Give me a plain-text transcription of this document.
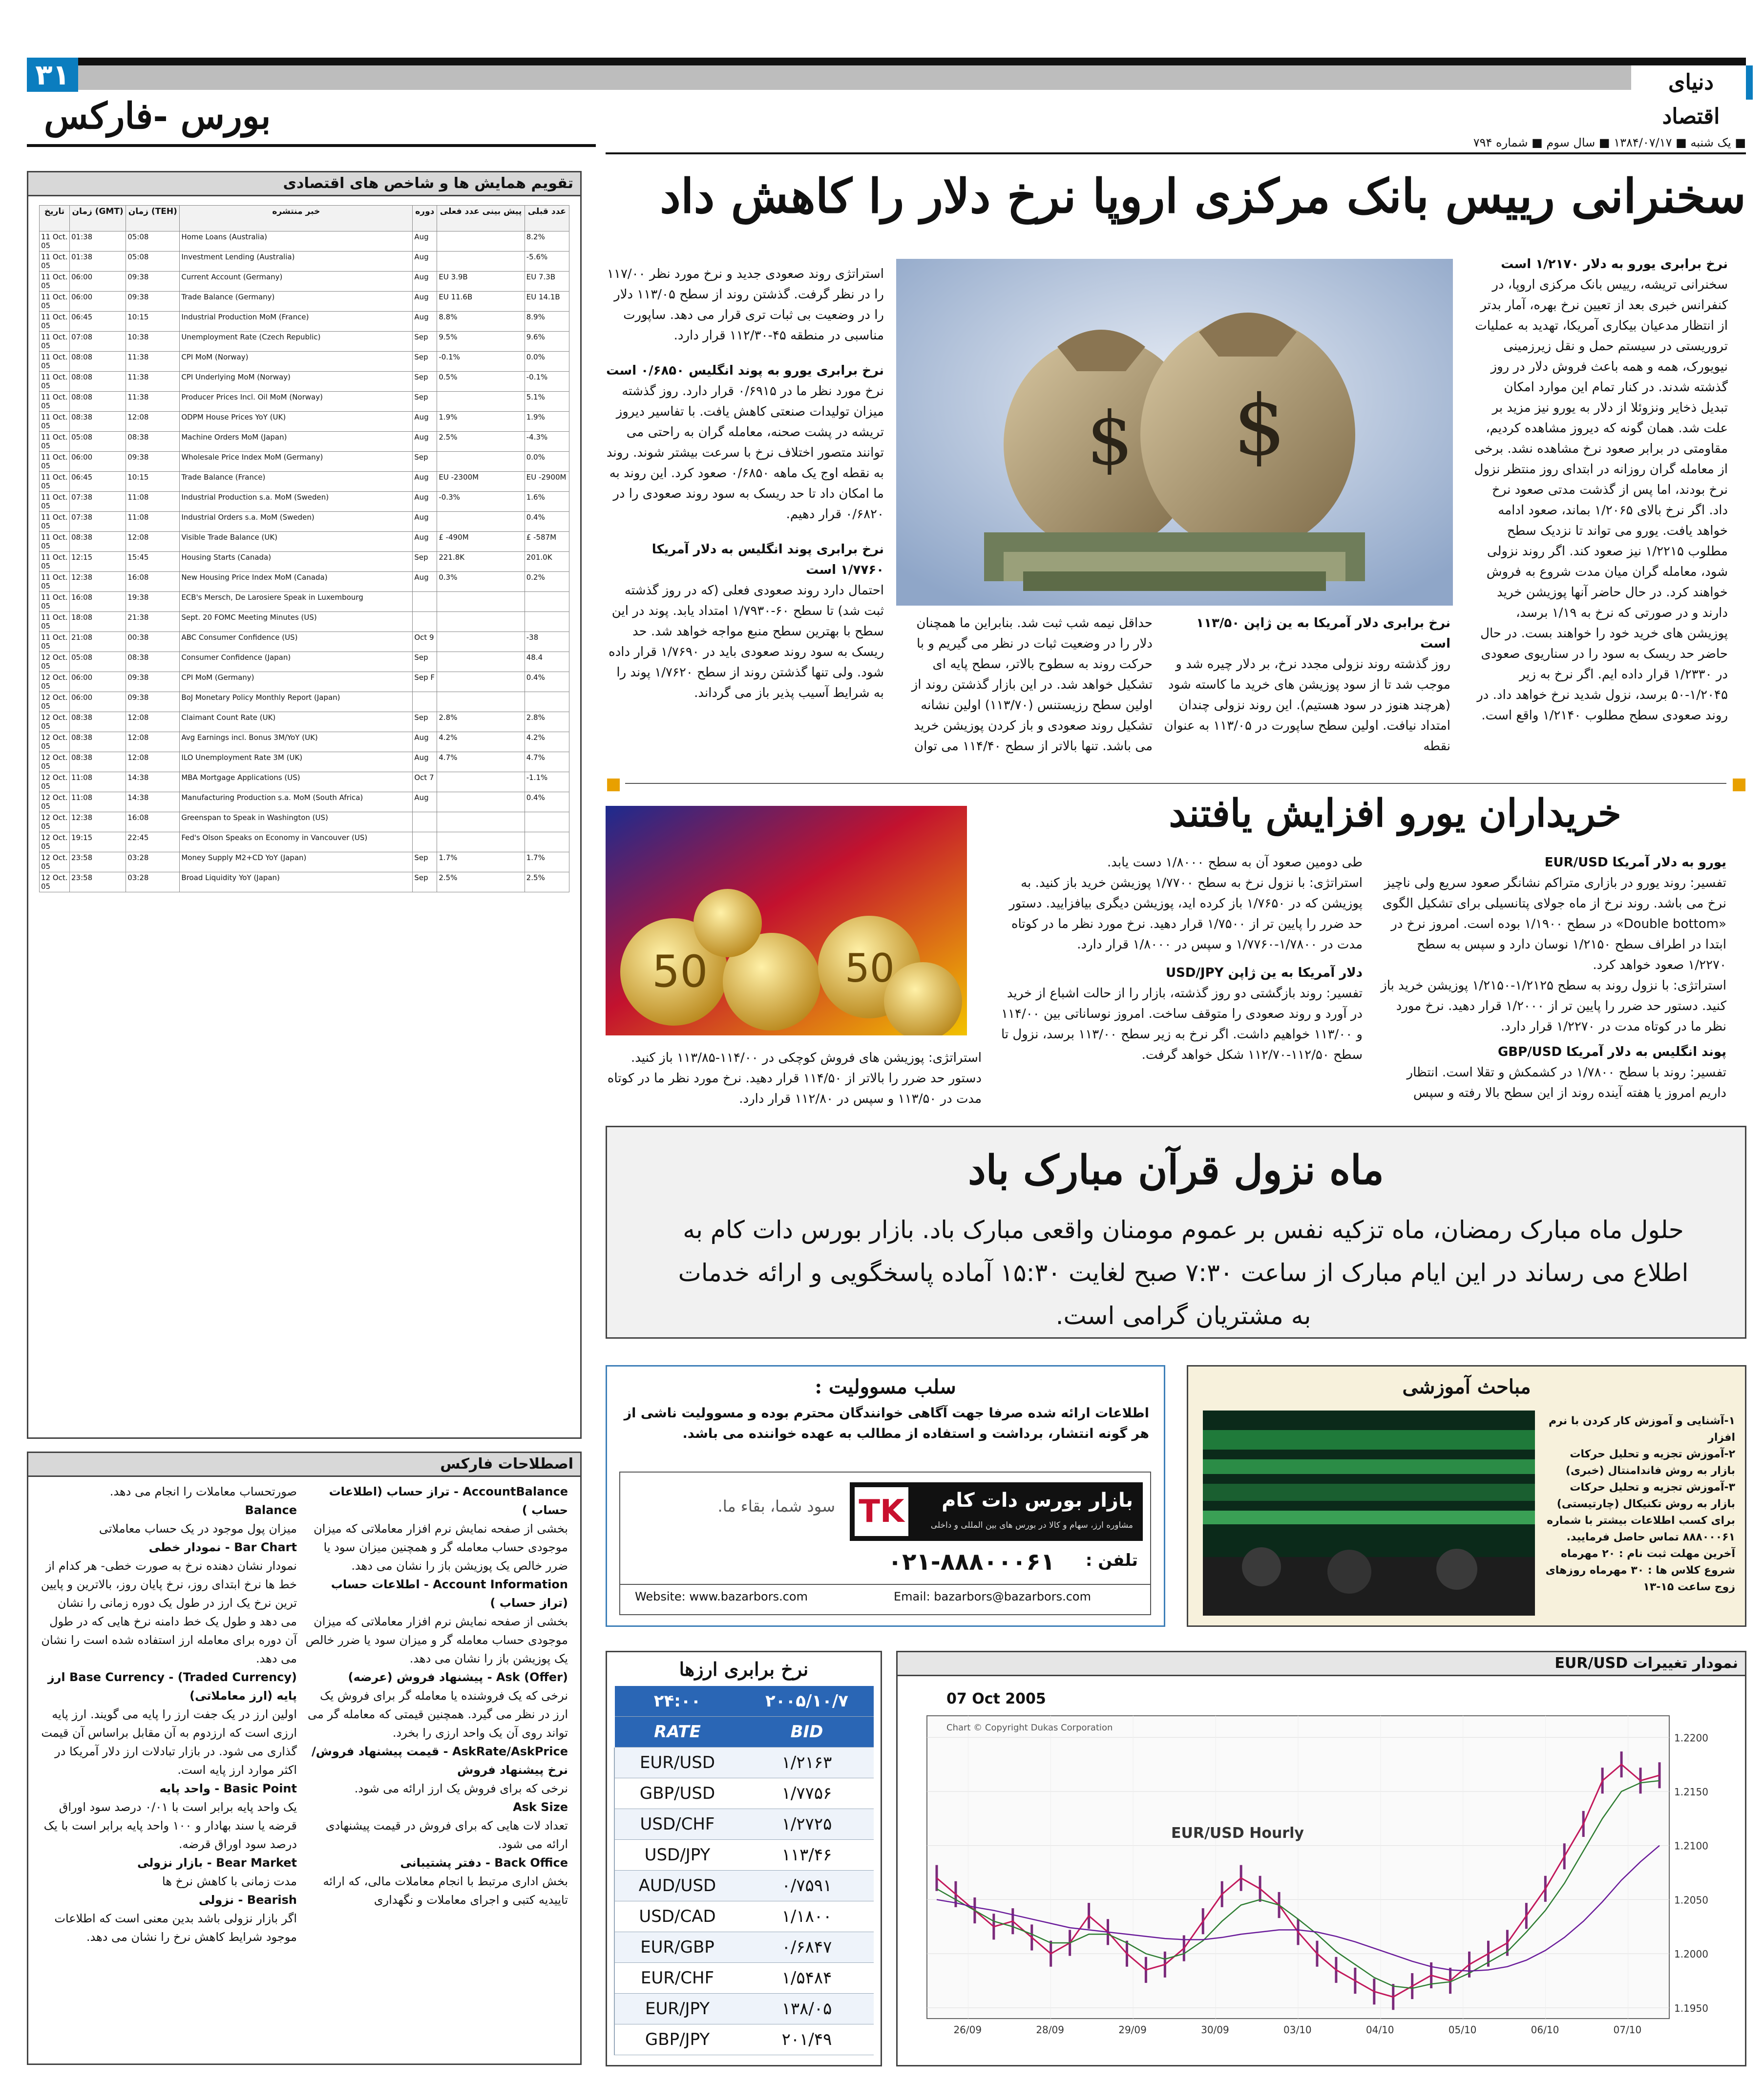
۳۱	دنیای اقتصاد
بورس -فارکس
■ یک شنبه ■ ۱۳۸۴/۰۷/۱۷ ■ سال سوم ■ شماره ۷۹۴
تقویم همایش ها و شاخص های اقتصادی
تاریخ	زمان (GMT)	زمان (TEH)	خبر منتشره	دوره	پیش بینی عدد فعلی	عدد قبلی
11 Oct. 05	01:38	05:08	Home Loans (Australia)	Aug		8.2%
11 Oct. 05	01:38	05:08	Investment Lending (Australia)	Aug		-5.6%
11 Oct. 05	06:00	09:38	Current Account (Germany)	Aug	EU 3.9B	EU 7.3B
11 Oct. 05	06:00	09:38	Trade Balance (Germany)	Aug	EU 11.6B	EU 14.1B
11 Oct. 05	06:45	10:15	Industrial Production MoM (France)	Aug	8.8%	8.9%
11 Oct. 05	07:08	10:38	Unemployment Rate (Czech Republic)	Sep	9.5%	9.6%
11 Oct. 05	08:08	11:38	CPI MoM (Norway)	Sep	-0.1%	0.0%
11 Oct. 05	08:08	11:38	CPI Underlying MoM (Norway)	Sep	0.5%	-0.1%
11 Oct. 05	08:08	11:38	Producer Prices Incl. Oil MoM (Norway)	Sep		5.1%
11 Oct. 05	08:38	12:08	ODPM House Prices YoY (UK)	Aug	1.9%	1.9%
11 Oct. 05	05:08	08:38	Machine Orders MoM (Japan)	Aug	2.5%	-4.3%
11 Oct. 05	06:00	09:38	Wholesale Price Index MoM (Germany)	Sep		0.0%
11 Oct. 05	06:45	10:15	Trade Balance (France)	Aug	EU -2300M	EU -2900M
11 Oct. 05	07:38	11:08	Industrial Production s.a. MoM (Sweden)	Aug	-0.3%	1.6%
11 Oct. 05	07:38	11:08	Industrial Orders s.a. MoM (Sweden)	Aug		0.4%
11 Oct. 05	08:38	12:08	Visible Trade Balance (UK)	Aug	£ -490M	£ -587M
11 Oct. 05	12:15	15:45	Housing Starts (Canada)	Sep	221.8K	201.0K
11 Oct. 05	12:38	16:08	New Housing Price Index MoM (Canada)	Aug	0.3%	0.2%
11 Oct. 05	16:08	19:38	ECB's Mersch, De Larosiere Speak in Luxembourg			
11 Oct. 05	18:08	21:38	Sept. 20 FOMC Meeting Minutes (US)			
11 Oct. 05	21:08	00:38	ABC Consumer Confidence (US)	Oct 9		-38
12 Oct. 05	05:08	08:38	Consumer Confidence (Japan)	Sep		48.4
12 Oct. 05	06:00	09:38	CPI MoM (Germany)	Sep F		0.4%
12 Oct. 05	06:00	09:38	BoJ Monetary Policy Monthly Report (Japan)			
12 Oct. 05	08:38	12:08	Claimant Count Rate (UK)	Sep	2.8%	2.8%
12 Oct. 05	08:38	12:08	Avg Earnings incl. Bonus 3M/YoY (UK)	Aug	4.2%	4.2%
12 Oct. 05	08:38	12:08	ILO Unemployment Rate 3M (UK)	Aug	4.7%	4.7%
12 Oct. 05	11:08	14:38	MBA Mortgage Applications (US)	Oct 7		-1.1%
12 Oct. 05	11:08	14:38	Manufacturing Production s.a. MoM (South Africa)	Aug		0.4%
12 Oct. 05	12:38	16:08	Greenspan to Speak in Washington (US)			
12 Oct. 05	19:15	22:45	Fed's Olson Speaks on Economy in Vancouver (US)			
12 Oct. 05	23:58	03:28	Money Supply M2+CD YoY (Japan)	Sep	1.7%	1.7%
12 Oct. 05	23:58	03:28	Broad Liquidity YoY (Japan)	Sep	2.5%	2.5%
اصطلاحات فارکس
AccountBalance - تراز حساب (اطلاعات حساب )
بخشی از صفحه نمایش نرم افزار معاملاتی که میزان موجودی حساب معامله گر و همچنین میزان سود یا ضرر خالص یک پوزیشن باز را نشان می دهد.
Account Information - اطلاعات حساب (تراز حساب )
بخشی از صفحه نمایش نرم افزار معاملاتی که میزان موجودی حساب معامله گر و میزان سود یا ضرر خالص یک پوزیشن باز را نشان می دهد.
Ask (Offer) - پیشنهاد فروش (عرضه)
نرخی که یک فروشنده یا معامله گر برای فروش یک ارز در نظر می گیرد. همچنین قیمتی که معامله گر می تواند روی آن یک واحد ارزی را بخرد.
AskRate/AskPrice - قیمت پیشنهاد فروش/ نرخ پیشنهاد فروش
نرخی که برای فروش یک ارز ارائه می شود.
Ask Size
تعداد لات هایی که برای فروش در قیمت پیشنهادی ارائه می شود.
Back Office - دفتر پشتیبانی
بخش اداری مرتبط با انجام معاملات مالی، که ارائه تاییدیه کتبی و اجرای معاملات و نگهداری
صورتحساب معاملات را انجام می دهد.
Balance
میزان پول موجود در یک حساب معاملاتی
Bar Chart - نمودار خطی
نمودار نشان دهنده نرخ به صورت خطی- هر کدام از خط ها نرخ ابتدای روز، نرخ پایان روز، بالاترین و پایین ترین نرخ یک ارز در طول یک دوره زمانی را نشان می دهد و طول یک خط دامنه نرخ هایی که در طول آن دوره برای معامله ارز استفاده شده است را نشان می دهد.
Base Currency - (Traded Currency) ارز پایه (ارز معاملاتی)
اولین ارز در یک جفت ارز را پایه می گویند. ارز پایه ارزی است که ارزدوم به آن مقابل براساس آن قیمت گذاری می شود. در بازار تبادلات ارز دلار آمریکا در اکثر موارد ارز پایه است.
Basic Point - واحد پایه
یک واحد پایه برابر است با ۰/۰۱ درصد سود اوراق قرضه یا سند بهادار و ۱۰۰ واحد پایه برابر است با یک درصد سود اوراق قرضه.
Bear Market - بازار نزولی
مدت زمانی با کاهش نرخ ها
Bearish - نزولی
اگر بازار نزولی باشد بدین معنی است که اطلاعات موجود شرایط کاهش نرخ را نشان می دهد.
سخنرانی رییس بانک مرکزی اروپا نرخ دلار را کاهش داد
نرخ برابری یورو به دلار ۱/۲۱۷۰ است
سخنرانی تریشه، رییس بانک مرکزی اروپا، در کنفرانس خبری بعد از تعیین نرخ بهره، آمار بدتر از انتظار مدعیان بیکاری آمریکا، تهدید به عملیات تروریستی در سیستم حمل و نقل زیرزمینی نیویورک، همه و همه باعث فروش دلار در روز گذشته شدند. در کنار تمام این موارد امکان تبدیل ذخایر ونزوئلا از دلار به یورو نیز مزید بر علت شد. همان گونه که دیروز مشاهده کردیم، مقاومتی در برابر صعود نرخ مشاهده نشد. برخی از معامله گران روزانه در ابتدای روز منتظر نزول نرخ بودند، اما پس از گذشت مدتی صعود نرخ داد. اگر نرخ بالای ۱/۲۰۶۵ بماند، صعود ادامه خواهد یافت. یورو می تواند تا نزدیک سطح مطلوب ۱/۲۲۱۵ نیز صعود کند. اگر روند نزولی شود، معامله گران میان مدت شروع به فروش خواهند کرد. در حال حاضر آنها پوزیشن خرید دارند و در صورتی که نرخ به ۱/۱۹ برسد، پوزیشن های خرید خود را خواهند بست. در حال حاضر حد ریسک به سود را در سناریوی صعودی در ۱/۲۳۳۰ قرار داده ایم. اگر نرخ به زیر ۱/۲۰۴۵-۵۰ برسد، نزول شدید نرخ خواهد داد. در روند صعودی سطح مطلوب ۱/۲۱۴۰ واقع است.
$ $
نرخ برابری دلار آمریکا به ین ژاپن ۱۱۳/۵۰ است
روز گذشته روند نزولی مجدد نرخ، بر دلار چیره شد و موجب شد تا از سود پوزیشن های خرید ما کاسته شود (هرچند هنوز در سود هستیم). این روند نزولی چندان امتداد نیافت. اولین سطح ساپورت در ۱۱۳/۰۵ به عنوان نقطه
حداقل نیمه شب ثبت شد. بنابراین ما همچنان دلار را در وضعیت ثبات در نظر می گیریم و با حرکت روند به سطوح بالاتر، سطح پایه ای تشکیل خواهد شد. در این بازار گذشتن روند از اولین سطح رزیستنس (۱۱۳/۷۰) اولین نشانه تشکیل روند صعودی و باز کردن پوزیشن خرید می باشد. تنها بالاتر از سطح ۱۱۴/۴۰ می توان
استراتژی روند صعودی جدید و نرخ مورد نظر ۱۱۷/۰۰ را در نظر گرفت. گذشتن روند از سطح ۱۱۳/۰۵ دلار را در وضعیت بی ثبات تری قرار می دهد. ساپورت مناسبی در منطقه ۴۵-۱۱۲/۳۰ قرار دارد.
نرخ برابری یورو به پوند انگلیس ۰/۶۸۵۰ است
نرخ مورد نظر ما در ۰/۶۹۱۵ قرار دارد. روز گذشته میزان تولیدات صنعتی کاهش یافت. با تفاسیر دیروز تریشه در پشت صحنه، معامله گران به راحتی می توانند متصور اختلاف نرخ با سرعت بیشتر شوند. روند به نقطه اوج یک ماهه ۰/۶۸۵۰ صعود کرد. این روند به ما امکان داد تا حد ریسک به سود روند صعودی را در ۰/۶۸۲۰ قرار دهیم.
نرخ برابری پوند انگلیس به دلار آمریکا ۱/۷۷۶۰ است
احتمال دارد روند صعودی فعلی (که در روز گذشته ثبت شد) تا سطح ۶۰-۱/۷۹۳۰ امتداد یابد. پوند در این سطح با بهترین سطح منبع مواجه خواهد شد. حد ریسک به سود روند صعودی باید در ۱/۷۶۹۰ قرار داده شود. ولی تنها گذشتن روند از سطح ۱/۷۶۲۰ پوند را به شرایط آسیب پذیر باز می گرداند.
■	■
خریداران یورو افزایش یافتند
50	50
یورو به دلار آمریکا EUR/USD
تفسیر: روند یورو در بازاری متراکم نشانگر صعود سریع ولی ناچیز نرخ می باشد. روند نرخ از ماه جولای پتانسیلی برای تشکیل الگوی «Double bottom» در سطح ۱/۱۹۰۰ بوده است. امروز نرخ در ابتدا در اطراف سطح ۱/۲۱۵۰ نوسان دارد و سپس به سطح ۱/۲۲۷۰ صعود خواهد کرد.
استراتژی: با نزول روند به سطح ۱/۲۱۲۵-۱/۲۱۵۰ پوزیشن خرید باز کنید. دستور حد ضرر را پایین تر از ۱/۲۰۰۰ قرار دهید. نرخ مورد نظر ما در کوتاه مدت در ۱/۲۲۷۰ قرار دارد.
پوند انگلیس به دلار آمریکا GBP/USD
تفسیر: روند با سطح ۱/۷۸۰۰ در کشمکش و تقلا است. انتظار داریم امروز یا هفته آینده روند از این سطح بالا رفته و سپس
طی دومین صعود آن به سطح ۱/۸۰۰۰ دست یابد.
استراتژی: با نزول نرخ به سطح ۱/۷۷۰۰ پوزیشن خرید باز کنید. به پوزیشن که در ۱/۷۶۵۰ باز کرده اید، پوزیشن دیگری بیافزایید. دستور حد ضرر را پایین تر از ۱/۷۵۰۰ قرار دهید. نرخ مورد نظر ما در کوتاه مدت در ۱/۷۸۰۰-۱/۷۷۶۰ و سپس در ۱/۸۰۰۰ قرار دارد.
دلار آمریکا به ین ژاپن USD/JPY
تفسیر: روند بازگشتی دو روز گذشته، بازار را از حالت اشباع از خرید در آورد و روند صعودی را متوقف ساخت. امروز نوساناتی بین ۱۱۴/۰۰ و ۱۱۳/۰۰ خواهیم داشت. اگر نرخ به زیر سطح ۱۱۳/۰۰ برسد، نزول تا سطح ۱۱۲/۵۰-۱۱۲/۷۰ شکل خواهد گرفت.
استراتژی: پوزیشن های فروش کوچکی در ۱۱۴/۰۰-۱۱۳/۸۵ باز کنید. دستور حد ضرر را بالاتر از ۱۱۴/۵۰ قرار دهید. نرخ مورد نظر ما در کوتاه مدت در ۱۱۳/۵۰ و سپس در ۱۱۲/۸۰ قرار دارد.
ماه نزول قرآن مبارک باد
حلول ماه مبارک رمضان، ماه تزکیه نفس بر عموم مومنان واقعی مبارک باد. بازار بورس دات کام به اطلاع می رساند در این ایام مبارک از ساعت ۷:۳۰ صبح لغایت ۱۵:۳۰ آماده پاسخگویی و ارائه خدمات به مشتریان گرامی است.
مباحث آموزشی
۱-آشنایی و آموزش کار کردن با نرم افزار
۲-آموزش تجزیه و تحلیل حرکات بازار به روش فاندامنتال (خبری)
۳-آموزش تجزیه و تحلیل حرکات بازار به روش تکنیکال (چارتیستی)
برای کسب اطلاعات بیشتر با شماره ۸۸۸۰۰۰۶۱ تماس حاصل فرمایید.
آخرین مهلت ثبت نام : ۲۰ مهرماه
شروع کلاس ها : ۳۰ مهرماه روزهای زوج ساعت ۱۵-۱۳
سلب مسوولیت :
اطلاعات ارائه شده صرفا جهت آگاهی خوانندگان محترم بوده و مسوولیت ناشی از هر گونه انتشار، برداشت و استفاده از مطالب به عهده خواننده می باشد.
TK	بازار بورس دات کام
مشاوره ارز، سهام و کالا در بورس های بین المللی و داخلی
سود شما، بقاء ما.
تلفن :
۰۲۱-۸۸۸۰۰۰۶۱
Website: www.bazarbors.com	Email: bazarbors@bazarbors.com
نرخ برابری ارزها
۲۴:۰۰	۲۰۰۵/۱۰/۷
RATE	BID
EUR/USD	۱/۲۱۶۳
GBP/USD	۱/۷۷۵۶
USD/CHF	۱/۲۷۲۵
USD/JPY	۱۱۳/۴۶
AUD/USD	۰/۷۵۹۱
USD/CAD	۱/۱۸۰۰
EUR/GBP	۰/۶۸۴۷
EUR/CHF	۱/۵۴۸۴
EUR/JPY	۱۳۸/۰۵
GBP/JPY	۲۰۱/۴۹
نمودار تغییرات EUR/USD
1.2200
1.2150
1.2100
1.2050
1.2000
1.1950
26/09	28/09	29/09	30/09	03/10	04/10	05/10	06/10	07/10
07 Oct 2005
Chart © Copyright Dukas Corporation
EUR/USD Hourly
